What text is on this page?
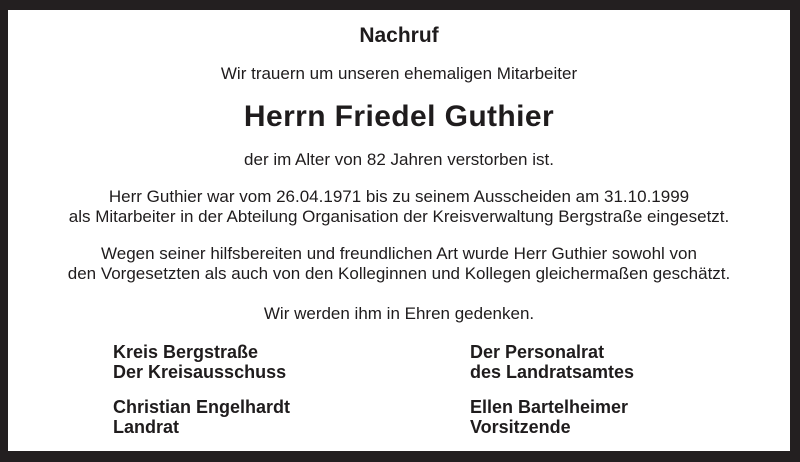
Nachruf
Wir trauern um unseren ehemaligen Mitarbeiter
Herrn Friedel Guthier
der im Alter von 82 Jahren verstorben ist.
Herr Guthier war vom 26.04.1971 bis zu seinem Ausscheiden am 31.10.1999
als Mitarbeiter in der Abteilung Organisation der Kreisverwaltung Bergstraße eingesetzt.
Wegen seiner hilfsbereiten und freundlichen Art wurde Herr Guthier sowohl von
den Vorgesetzten als auch von den Kolleginnen und Kollegen gleichermaßen geschätzt.
Wir werden ihm in Ehren gedenken.
Kreis Bergstraße
Der Kreisausschuss
Christian Engelhardt
Landrat
Der Personalrat
des Landratsamtes
Ellen Bartelheimer
Vorsitzende
